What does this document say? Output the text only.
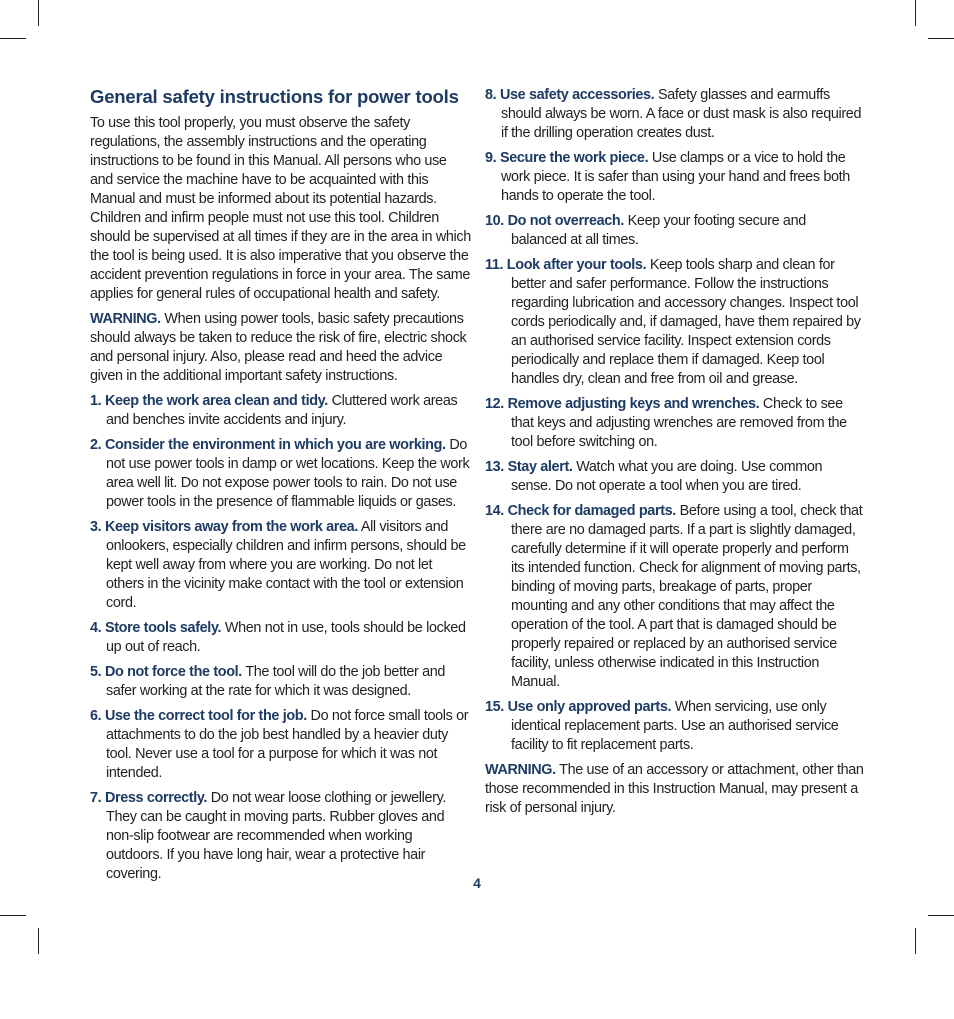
General safety instructions for power tools

To use this tool properly, you must observe the safety regulations, the assembly instructions and the operating instructions to be found in this Manual. All persons who use and service the machine have to be acquainted with this Manual and must be informed about its potential hazards. Children and infirm people must not use this tool. Children should be supervised at all times if they are in the area in which the tool is being used. It is also imperative that you observe the accident prevention regulations in force in your area. The same applies for general rules of occupational health and safety.

WARNING. When using power tools, basic safety precautions should always be taken to reduce the risk of fire, electric shock and personal injury. Also, please read and heed the advice given in the additional important safety instructions.

1. Keep the work area clean and tidy. Cluttered work areas and benches invite accidents and injury.
2. Consider the environment in which you are working. Do not use power tools in damp or wet locations. Keep the work area well lit. Do not expose power tools to rain. Do not use power tools in the presence of flammable liquids or gases.
3. Keep visitors away from the work area. All visitors and onlookers, especially children and infirm persons, should be kept well away from where you are working. Do not let others in the vicinity make contact with the tool or extension cord.
4. Store tools safely. When not in use, tools should be locked up out of reach.
5. Do not force the tool. The tool will do the job better and safer working at the rate for which it was designed.
6. Use the correct tool for the job. Do not force small tools or attachments to do the job best handled by a heavier duty tool. Never use a tool for a purpose for which it was not intended.
7. Dress correctly. Do not wear loose clothing or jewellery. They can be caught in moving parts. Rubber gloves and non-slip footwear are recommended when working outdoors. If you have long hair, wear a protective hair covering.
8. Use safety accessories. Safety glasses and earmuffs should always be worn. A face or dust mask is also required if the drilling operation creates dust.
9. Secure the work piece. Use clamps or a vice to hold the work piece. It is safer than using your hand and frees both hands to operate the tool.
10. Do not overreach. Keep your footing secure and balanced at all times.
11. Look after your tools. Keep tools sharp and clean for better and safer performance. Follow the instructions regarding lubrication and accessory changes. Inspect tool cords periodically and, if damaged, have them repaired by an authorised service facility. Inspect extension cords periodically and replace them if damaged. Keep tool handles dry, clean and free from oil and grease.
12. Remove adjusting keys and wrenches. Check to see that keys and adjusting wrenches are removed from the tool before switching on.
13. Stay alert. Watch what you are doing. Use common sense. Do not operate a tool when you are tired.
14. Check for damaged parts. Before using a tool, check that there are no damaged parts. If a part is slightly damaged, carefully determine if it will operate properly and perform its intended function. Check for alignment of moving parts, binding of moving parts, breakage of parts, proper mounting and any other conditions that may affect the operation of the tool. A part that is damaged should be properly repaired or replaced by an authorised service facility, unless otherwise indicated in this Instruction Manual.
15. Use only approved parts. When servicing, use only identical replacement parts. Use an authorised service facility to fit replacement parts.

WARNING. The use of an accessory or attachment, other than those recommended in this Instruction Manual, may present a risk of personal injury.

4
